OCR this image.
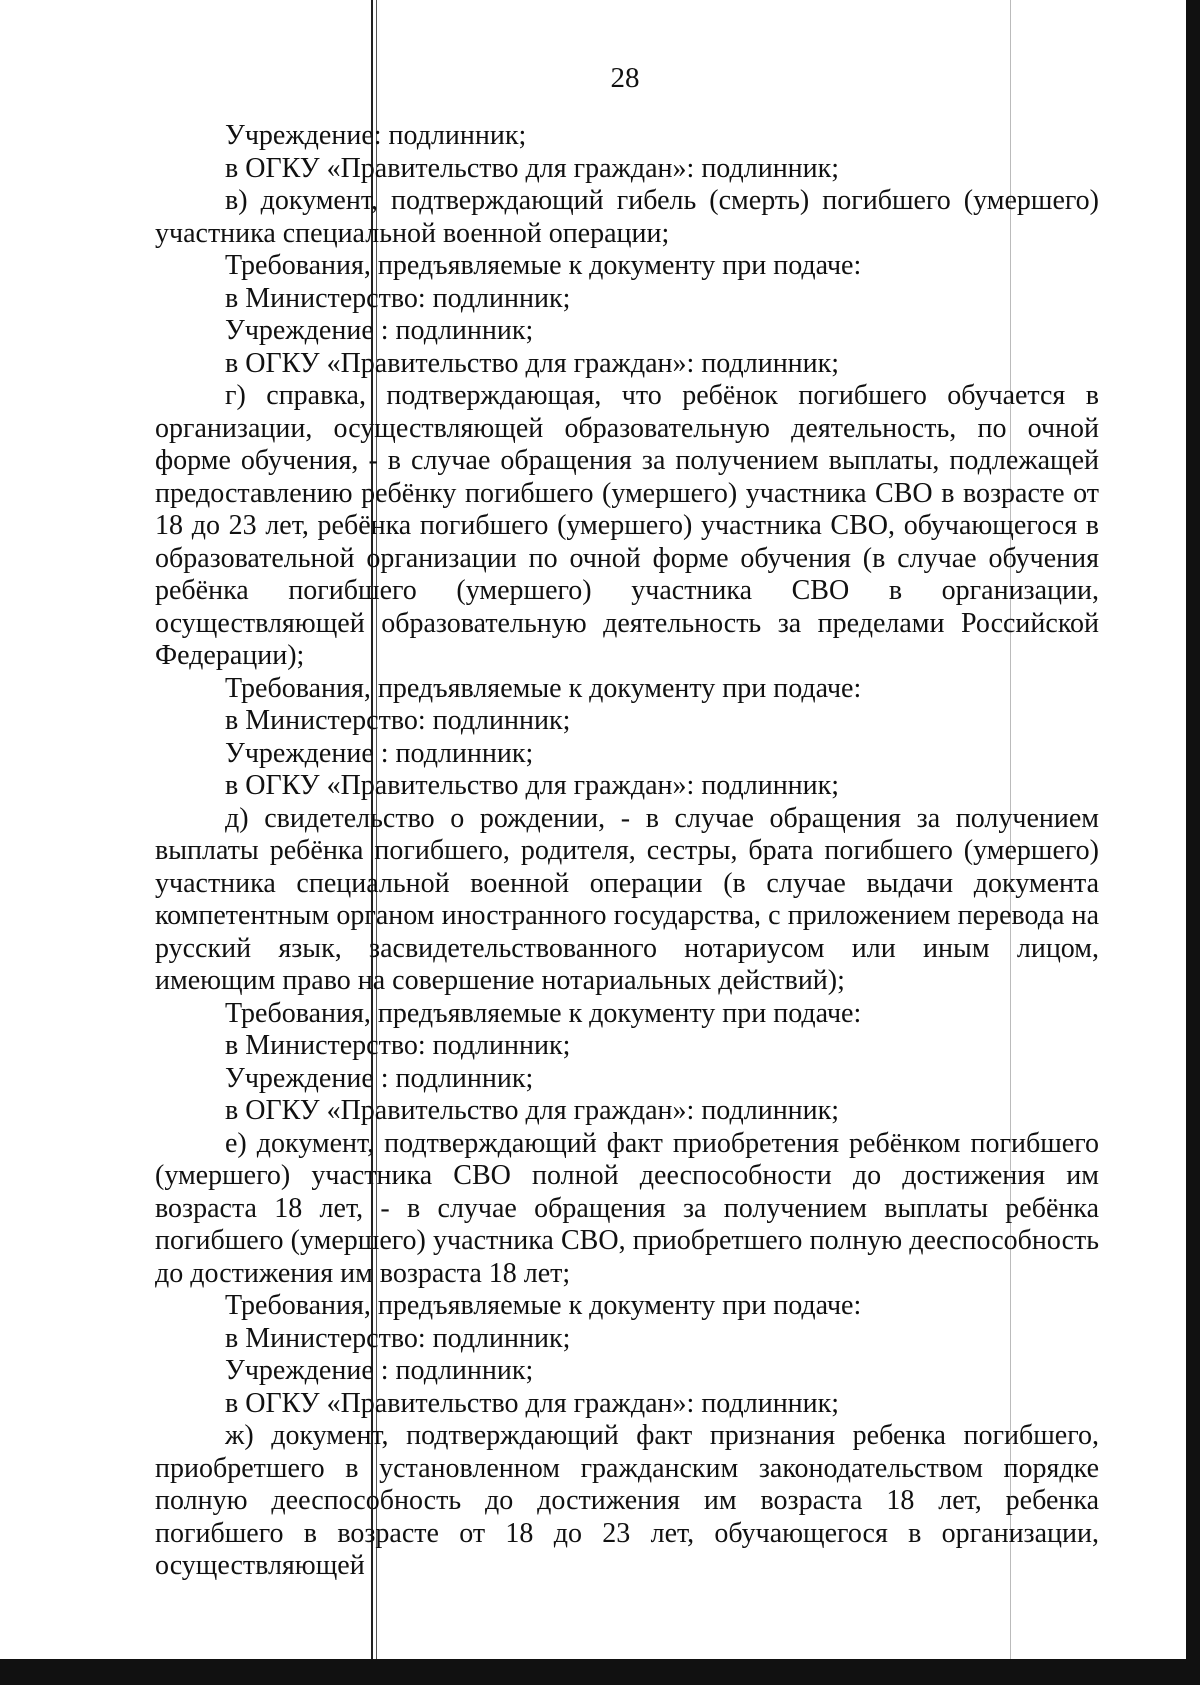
28

Учреждение: подлинник;

в ОГКУ «Правительство для граждан»: подлинник;

в) документ, подтверждающий гибель (смерть) погибшего (умершего) участника специальной военной операции;

Требования, предъявляемые к документу при подаче:

в Министерство: подлинник;

Учреждение : подлинник;

в ОГКУ «Правительство для граждан»: подлинник;

г) справка, подтверждающая, что ребёнок погибшего обучается в организации, осуществляющей образовательную деятельность, по очной форме обучения, - в случае обращения за получением выплаты, подлежащей предоставлению ребёнку погибшего (умершего) участника СВО в возрасте от 18 до 23 лет, ребёнка погибшего (умершего) участника СВО, обучающегося в образовательной организации по очной форме обучения (в случае обучения ребёнка погибшего (умершего) участника СВО в организации, осуществляющей образовательную деятельность за пределами Российской Федерации);

Требования, предъявляемые к документу при подаче:

в Министерство: подлинник;

Учреждение : подлинник;

в ОГКУ «Правительство для граждан»: подлинник;

д) свидетельство о рождении, - в случае обращения за получением выплаты ребёнка погибшего, родителя, сестры, брата погибшего (умершего) участника специальной военной операции (в случае выдачи документа компетентным органом иностранного государства, с приложением перевода на русский язык, засвидетельствованного нотариусом или иным лицом, имеющим право на совершение нотариальных действий);

Требования, предъявляемые к документу при подаче:

в Министерство: подлинник;

Учреждение : подлинник;

в ОГКУ «Правительство для граждан»: подлинник;

е) документ, подтверждающий факт приобретения ребёнком погибшего (умершего) участника СВО полной дееспособности до достижения им возраста 18 лет, - в случае обращения за получением выплаты ребёнка погибшего (умершего) участника СВО, приобретшего полную дееспособность до достижения им возраста 18 лет;

Требования, предъявляемые к документу при подаче:

в Министерство: подлинник;

Учреждение : подлинник;

в ОГКУ «Правительство для граждан»: подлинник;

ж) документ, подтверждающий факт признания ребенка погибшего, приобретшего в установленном гражданским законодательством порядке полную дееспособность до достижения им возраста 18 лет, ребенка погибшего в возрасте от 18 до 23 лет, обучающегося в организации, осуществляющей
